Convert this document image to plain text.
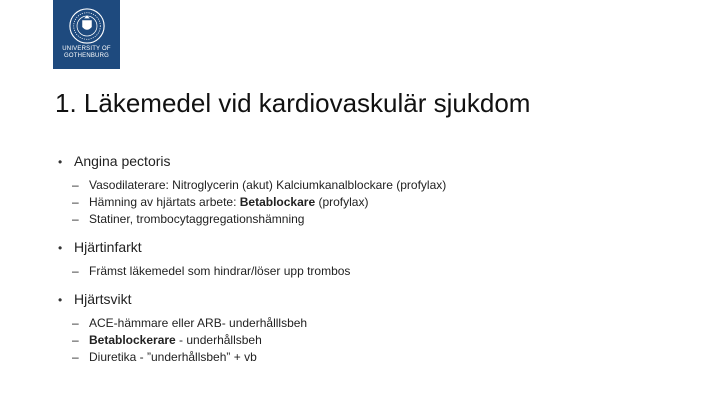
UNIVERSITY OF
GOTHENBURG
1. Läkemedel vid kardiovaskulär sjukdom
• Angina pectoris
– Vasodilaterare: Nitroglycerin (akut) Kalciumkanalblockare (profylax)
– Hämning av hjärtats arbete: Betablockare (profylax)
– Statiner, trombocytaggregationshämning
• Hjärtinfarkt
– Främst läkemedel som hindrar/löser upp trombos
• Hjärtsvikt
– ACE-hämmare eller ARB- underhålllsbeh
– Betablockerare - underhållsbeh
– Diuretika - ”underhållsbeh” + vb
